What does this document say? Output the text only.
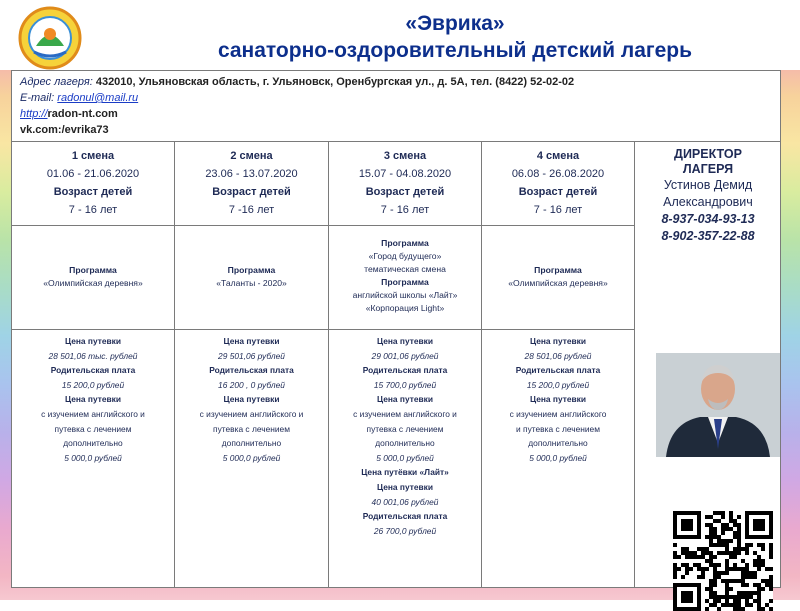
«Эврика»
санаторно-оздоровительный детский лагерь
Адрес лагеря: 432010, Ульяновская область, г. Ульяновск, Оренбургская ул., д. 5А, тел. (8422) 52-02-02
E-mail: radonul@mail.ru
http://radon-nt.com
vk.com:/evrika73
1 смена
01.06 - 21.06.2020
Возраст детей
7 - 16 лет
Программа
«Олимпийская деревня»
Цена путевки
28 501,06 тыс. рублей
Родительская плата
15 200,0 рублей
Цена путевки
с изучением английского и
путевка с лечением
дополнительно
5 000,0 рублей
2 смена
23.06 - 13.07.2020
Возраст детей
7 -16 лет
Программа
«Таланты - 2020»
Цена путевки
29 501,06 рублей
Родительская плата
16 200 , 0 рублей
Цена путевки
с изучением английского и
путевка с лечением
дополнительно
5 000,0 рублей
3 смена
15.07 - 04.08.2020
Возраст детей
7 - 16 лет
Программа
«Город будущего»
тематическая смена
Программа
английской школы «Лайт»
«Корпорация Light»
Цена путевки
29 001,06 рублей
Родительская плата
15 700,0 рублей
Цена путевки
с изучением английского и
путевка с лечением
дополнительно
5 000,0 рублей
Цена путёвки «Лайт»
Цена путевки
40 001,06 рублей
Родительская плата
26 700,0 рублей
4 смена
06.08 - 26.08.2020
Возраст детей
7 - 16 лет
Программа
«Олимпийская деревня»
Цена путевки
28 501,06 рублей
Родительская плата
15 200,0 рублей
Цена путевки
с изучением английского
и путевка с лечением
дополнительно
5 000,0 рублей
ДИРЕКТОР
ЛАГЕРЯ
Устинов Демид
Александрович
8-937-034-93-13
8-902-357-22-88
